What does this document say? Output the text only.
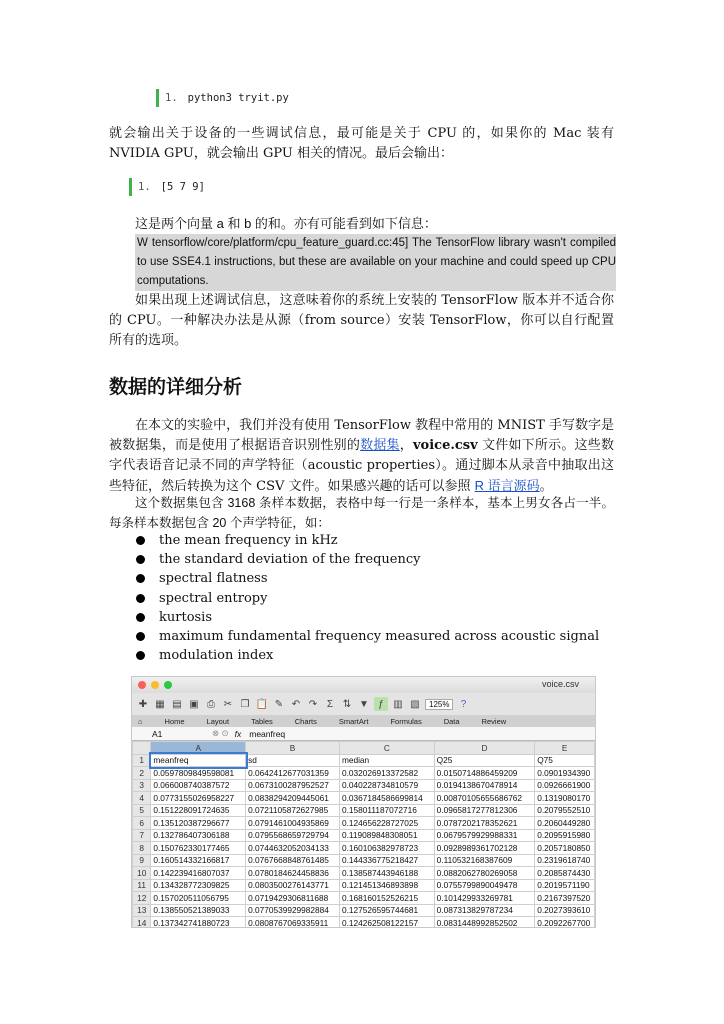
1. python3 tryit.py
就会输出关于设备的一些调试信息，最可能是关于 CPU 的，如果你的 Mac 装有 NVIDIA GPU，就会输出 GPU 相关的情况。最后会输出：
1. [5 7 9]
这是两个向量 a 和 b 的和。亦有可能看到如下信息：
W tensorflow/core/platform/cpu_feature_guard.cc:45] The TensorFlow library wasn't compiled to use SSE4.1 instructions, but these are available on your machine and could speed up CPU computations.
如果出现上述调试信息，这意味着你的系统上安装的 TensorFlow 版本并不适合你的 CPU。一种解决办法是从源（from source）安装 TensorFlow，你可以自行配置所有的选项。
数据的详细分析
在本文的实验中，我们并没有使用 TensorFlow 教程中常用的 MNIST 手写数字是被数据集，而是使用了根据语音识别性别的数据集，voice.csv 文件如下所示。这些数字代表语音记录不同的声学特征（acoustic properties）。通过脚本从录音中抽取出这些特征，然后转换为这个 CSV 文件。如果感兴趣的话可以参照 R 语言源码。
这个数据集包含 3168 条样本数据，表格中每一行是一条样本，基本上男女各占一半。每条样本数据包含 20 个声学特征，如：
the mean frequency in kHz
the standard deviation of the frequency
spectral flatness
spectral entropy
kurtosis
maximum fundamental frequency measured across acoustic signal
modulation index
voice.csv
✚ ▦ ▤ ▣ ⎙ ✂ ❐ 📋 ✎ ↶ ↷ Σ ⇅ ▼ ƒ ▥ ▧	125%	?
⌂	Home	Layout	Tables	Charts	SmartArt	Formulas	Data	Review
A1	⊗ ⊙ fx meanfreq
	A	B	C	D	E
1	meanfreq	sd	median	Q25	Q75
2	0.0597809849598081	0.0642412677031359	0.032026913372582	0.0150714886459209	0.0901934390
3	0.066008740387572	0.0673100287952527	0.040228734810579	0.0194138670478914	0.0926661900
4	0.0773155026958227	0.0838294209445061	0.0367184586699814	0.00870105655686762	0.1319080170
5	0.151228091724635	0.0721105872627985	0.158011187072716	0.0965817277812306	0.2079552510
6	0.135120387296677	0.0791461004935869	0.124656228727025	0.0787202178352621	0.2060449280
7	0.132786407306188	0.0795568659729794	0.119089848308051	0.0679579929988331	0.2095915980
8	0.150762330177465	0.0744632052034133	0.160106382978723	0.0928989361702128	0.2057180850
9	0.160514332166817	0.0767668848761485	0.144336775218427	0.110532168387609	0.2319618740
10	0.142239416807037	0.0780184624458836	0.138587443946188	0.0882062780269058	0.2085874430
11	0.134328772309825	0.0803500276143771	0.121451346893898	0.0755799890049478	0.2019571190
12	0.157020511056795	0.0719429306811688	0.168160152526215	0.101429933269781	0.2167397520
13	0.138550521389033	0.0770539929982884	0.127526595744681	0.087313829787234	0.2027393610
14	0.137342741880723	0.0808767069335911	0.124262508122157	0.0831448992852502	0.2092267700
